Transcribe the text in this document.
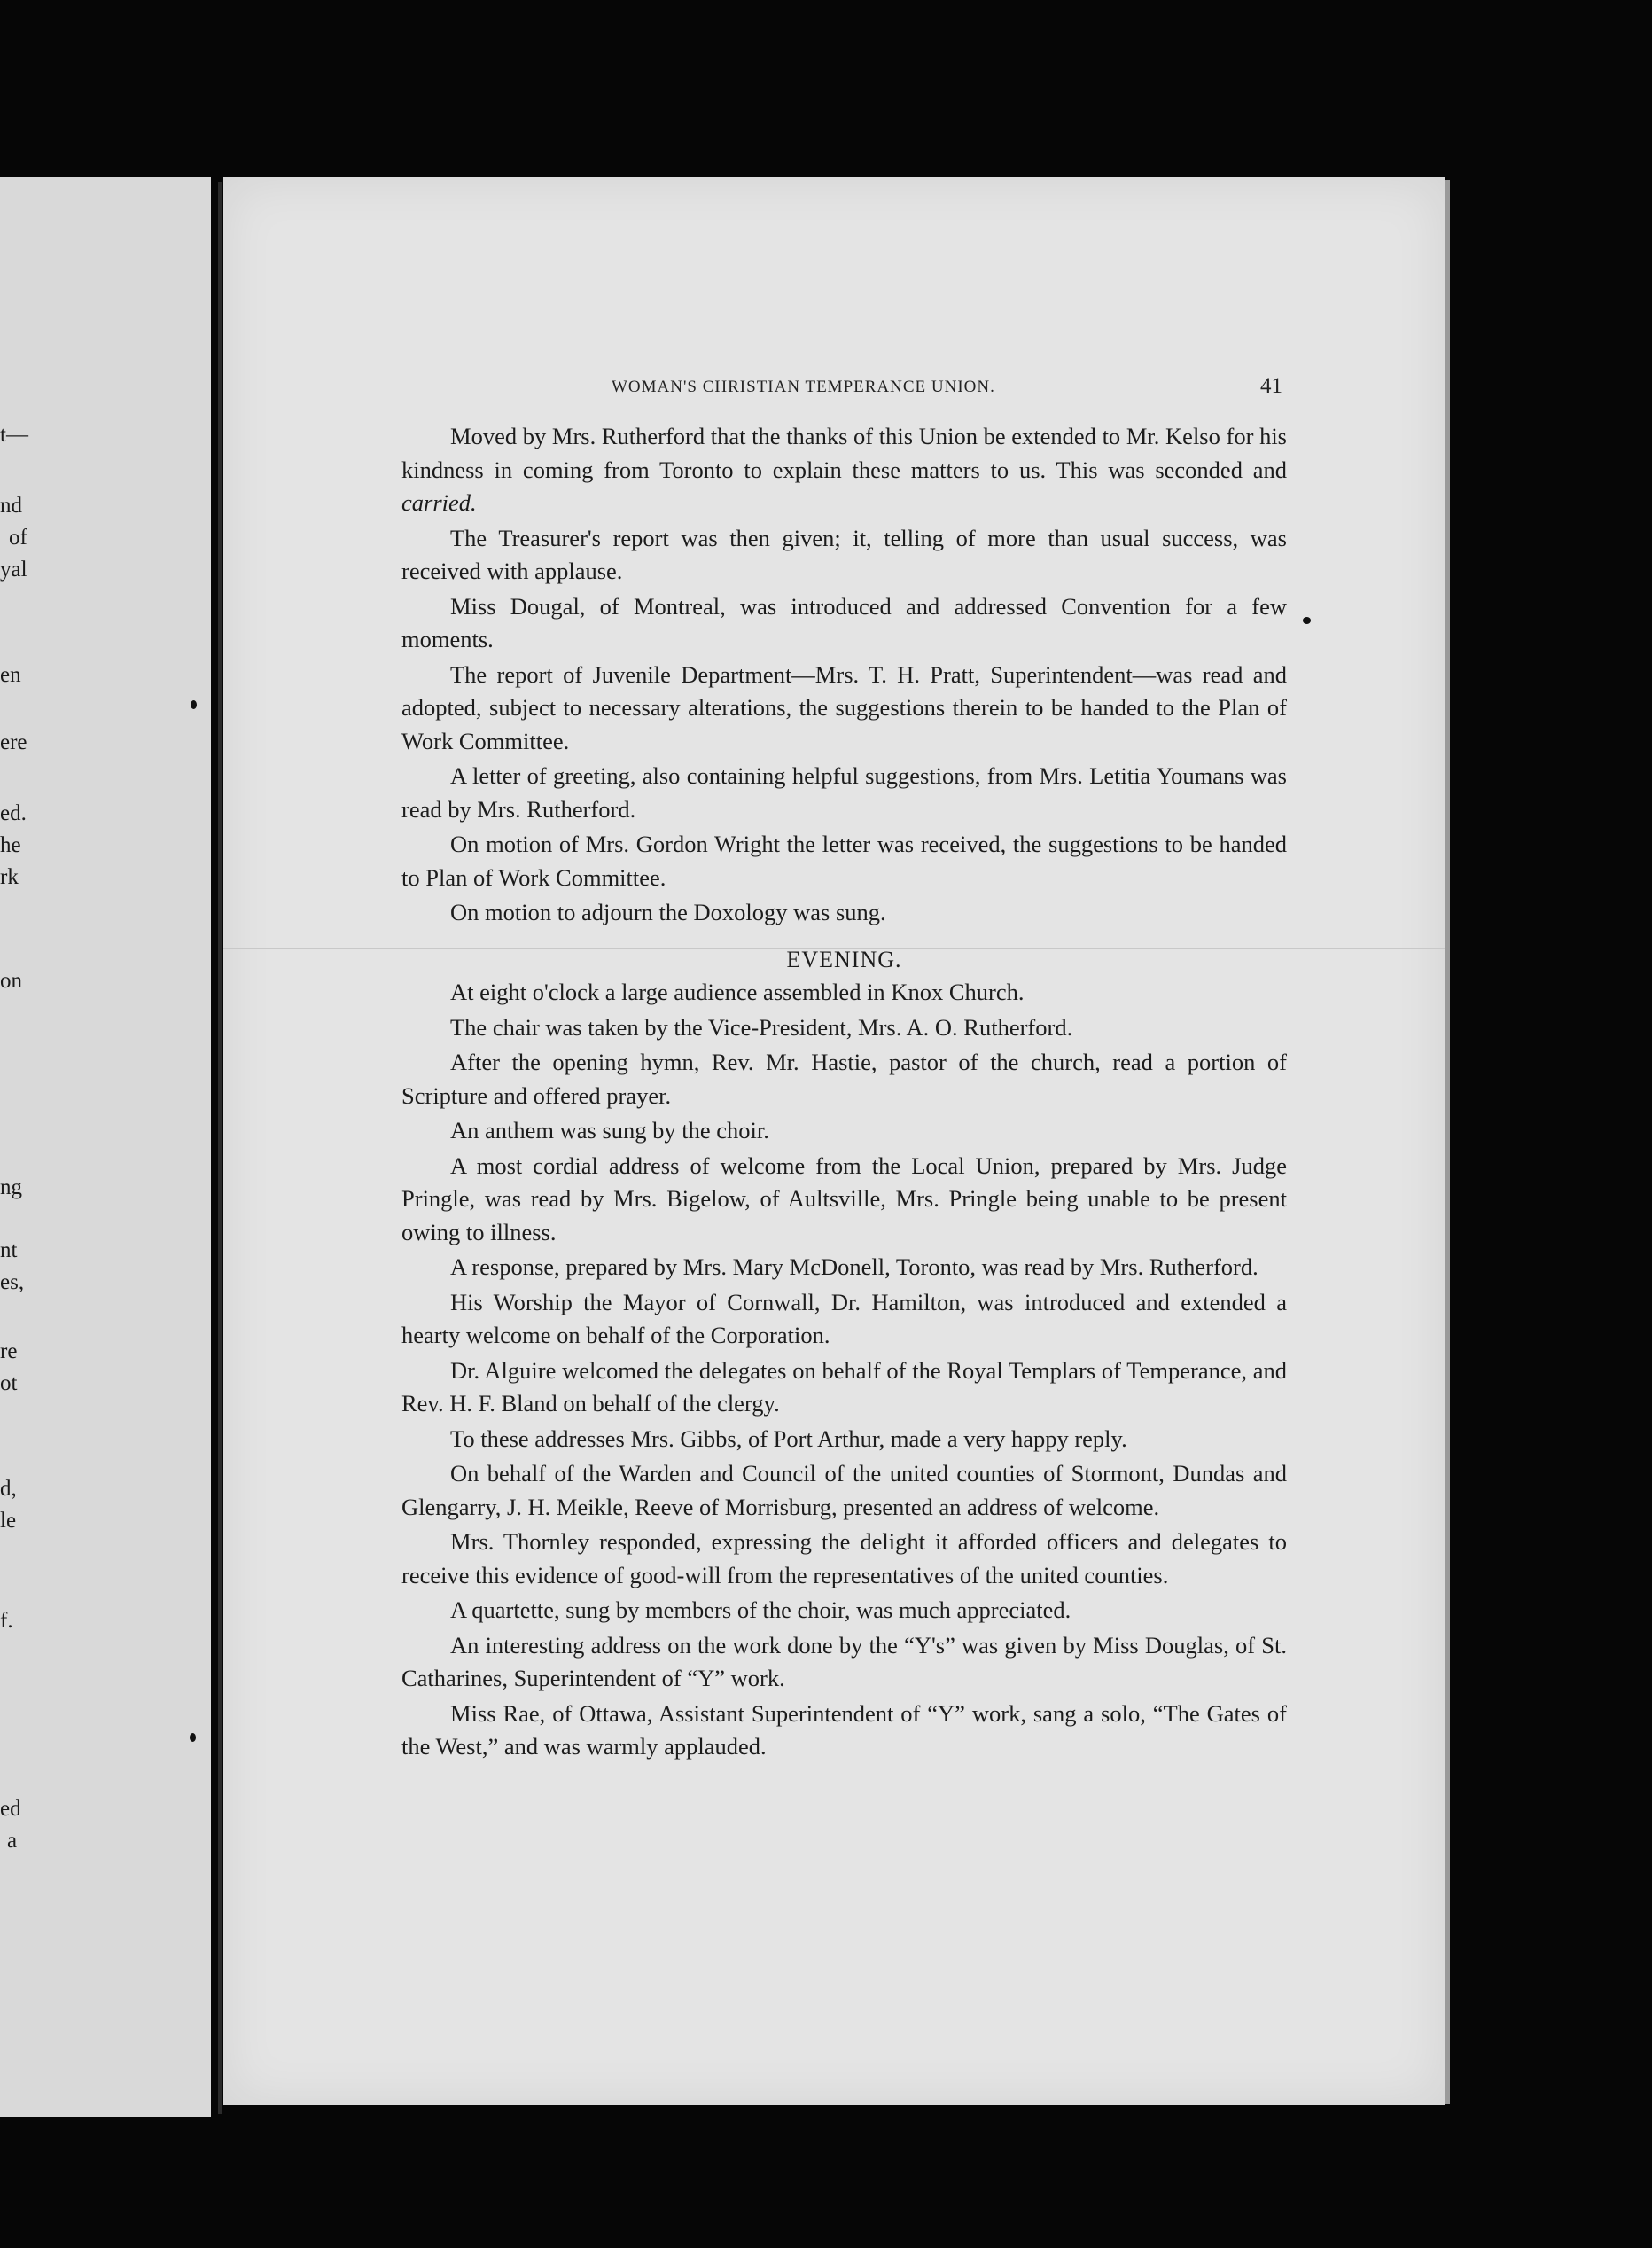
t—
nd
of
yal
en
ere
ed.
he
rk
on
ng
nt
es,
re
ot
d,
le
f.
ed
a
WOMAN'S CHRISTIAN TEMPERANCE UNION.	41

Moved by Mrs. Rutherford that the thanks of this Union be extended to Mr. Kelso for his kindness in coming from Toronto to explain these matters to us. This was seconded and carried.

The Treasurer's report was then given; it, telling of more than usual success, was received with applause.

Miss Dougal, of Montreal, was introduced and addressed Convention for a few moments.

The report of Juvenile Department—Mrs. T. H. Pratt, Superintendent—was read and adopted, subject to necessary alterations, the suggestions therein to be handed to the Plan of Work Committee.

A letter of greeting, also containing helpful suggestions, from Mrs. Letitia Youmans was read by Mrs. Rutherford.

On motion of Mrs. Gordon Wright the letter was received, the suggestions to be handed to Plan of Work Committee.

On motion to adjourn the Doxology was sung.

EVENING.

At eight o'clock a large audience assembled in Knox Church.

The chair was taken by the Vice-President, Mrs. A. O. Rutherford.

After the opening hymn, Rev. Mr. Hastie, pastor of the church, read a portion of Scripture and offered prayer.

An anthem was sung by the choir.

A most cordial address of welcome from the Local Union, prepared by Mrs. Judge Pringle, was read by Mrs. Bigelow, of Aultsville, Mrs. Pringle being unable to be present owing to illness.

A response, prepared by Mrs. Mary McDonell, Toronto, was read by Mrs. Rutherford.

His Worship the Mayor of Cornwall, Dr. Hamilton, was introduced and extended a hearty welcome on behalf of the Corporation.

Dr. Alguire welcomed the delegates on behalf of the Royal Templars of Temperance, and Rev. H. F. Bland on behalf of the clergy.

To these addresses Mrs. Gibbs, of Port Arthur, made a very happy reply.

On behalf of the Warden and Council of the united counties of Stormont, Dundas and Glengarry, J. H. Meikle, Reeve of Morrisburg, presented an address of welcome.

Mrs. Thornley responded, expressing the delight it afforded officers and delegates to receive this evidence of good-will from the representatives of the united counties.

A quartette, sung by members of the choir, was much appreciated.

An interesting address on the work done by the “Y's” was given by Miss Douglas, of St. Catharines, Superintendent of “Y” work.

Miss Rae, of Ottawa, Assistant Superintendent of “Y” work, sang a solo, “The Gates of the West,” and was warmly applauded.
